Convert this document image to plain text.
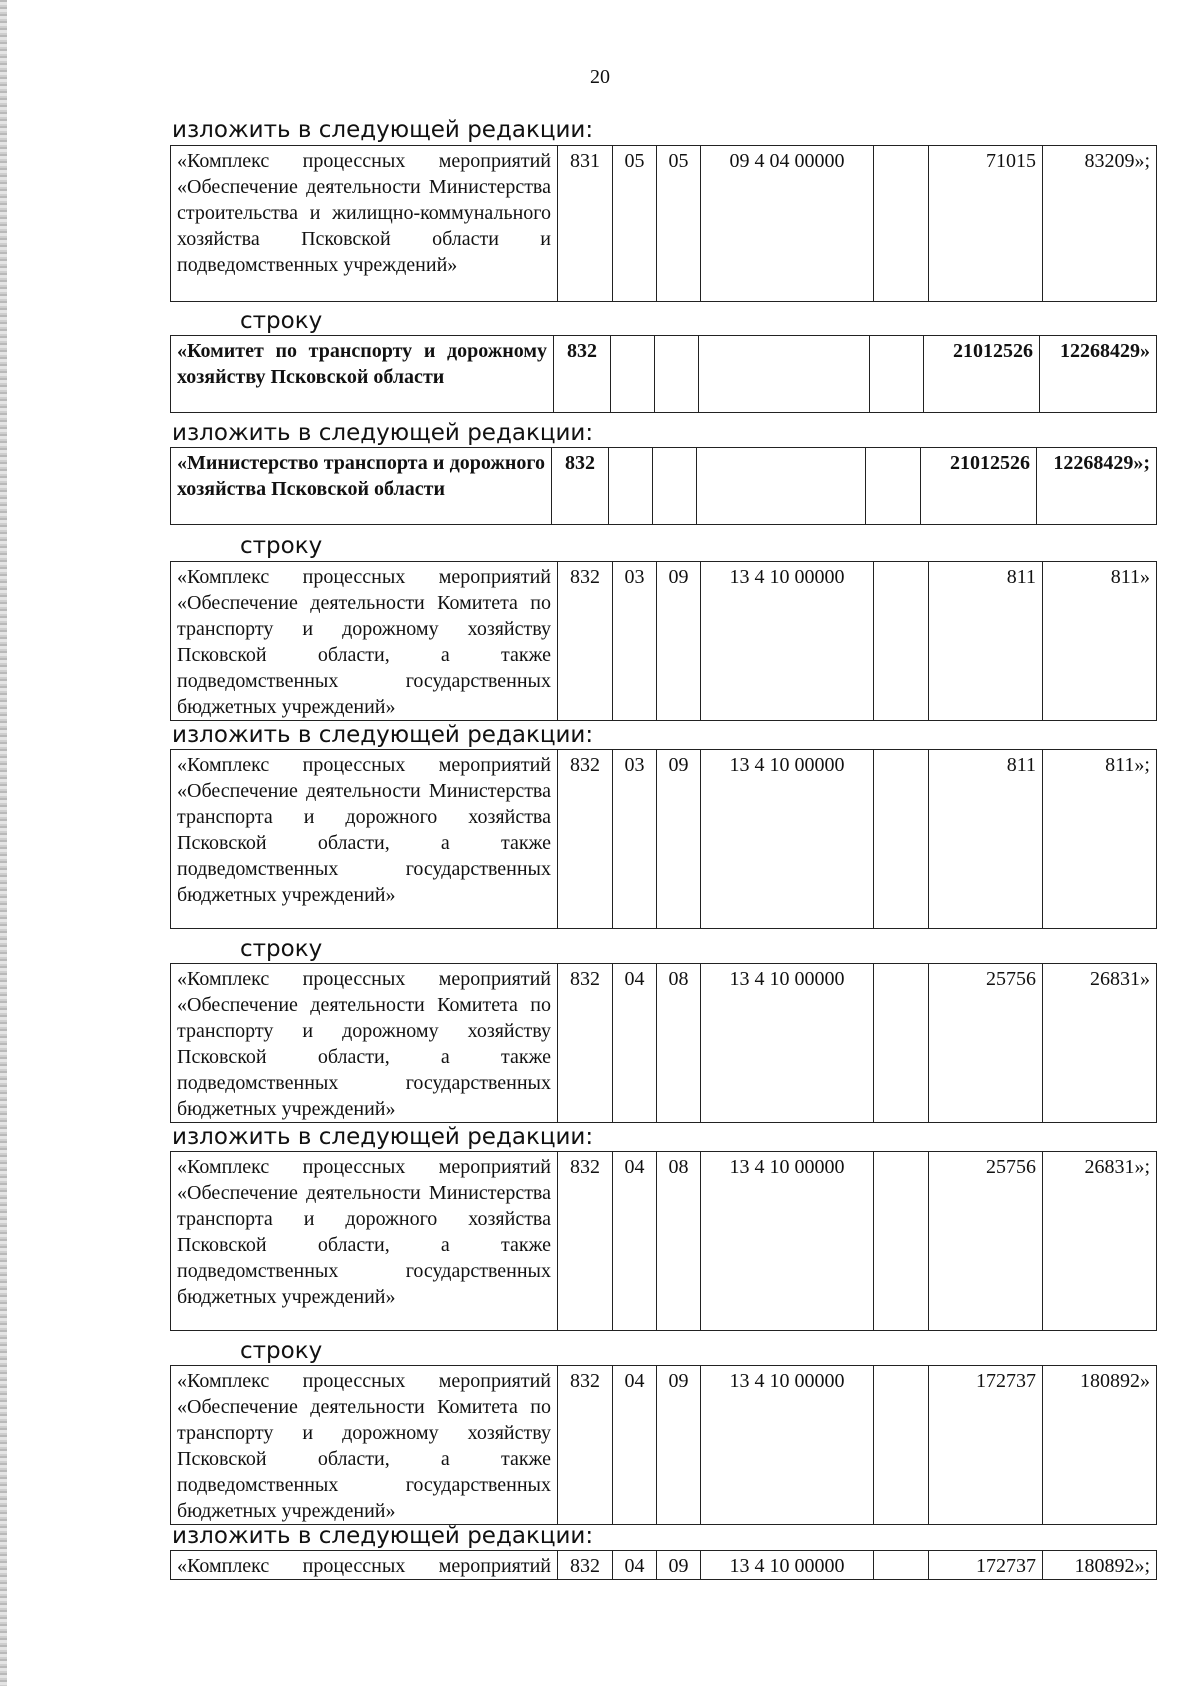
20
изложить в следующей редакции:
«Комплекс процессных мероприятий «Обеспечение деятельности Министерства строительства и жилищно-коммунального хозяйства Псковской области и подведомственных учреждений»	831	05	05	09 4 04 00000		71015	83209»;
строку
«Комитет по транспорту и дорожному хозяйству Псковской области	832					21012526	12268429»
изложить в следующей редакции:
«Министерство транспорта и дорожного хозяйства Псковской области	832					21012526	12268429»;
строку
«Комплекс процессных мероприятий «Обеспечение деятельности Комитета по транспорту и дорожному хозяйству Псковской области, а также подведомственных государственных бюджетных учреждений»	832	03	09	13 4 10 00000		811	811»
изложить в следующей редакции:
«Комплекс процессных мероприятий «Обеспечение деятельности Министерства транспорта и дорожного хозяйства Псковской области, а также подведомственных государственных бюджетных учреждений»	832	03	09	13 4 10 00000		811	811»;
строку
«Комплекс процессных мероприятий «Обеспечение деятельности Комитета по транспорту и дорожному хозяйству Псковской области, а также подведомственных государственных бюджетных учреждений»	832	04	08	13 4 10 00000		25756	26831»
изложить в следующей редакции:
«Комплекс процессных мероприятий «Обеспечение деятельности Министерства транспорта и дорожного хозяйства Псковской области, а также подведомственных государственных бюджетных учреждений»	832	04	08	13 4 10 00000		25756	26831»;
строку
«Комплекс процессных мероприятий «Обеспечение деятельности Комитета по транспорту и дорожному хозяйству Псковской области, а также подведомственных государственных бюджетных учреждений»	832	04	09	13 4 10 00000		172737	180892»
изложить в следующей редакции:
«Комплекс процессных мероприятий	832	04	09	13 4 10 00000		172737	180892»;
